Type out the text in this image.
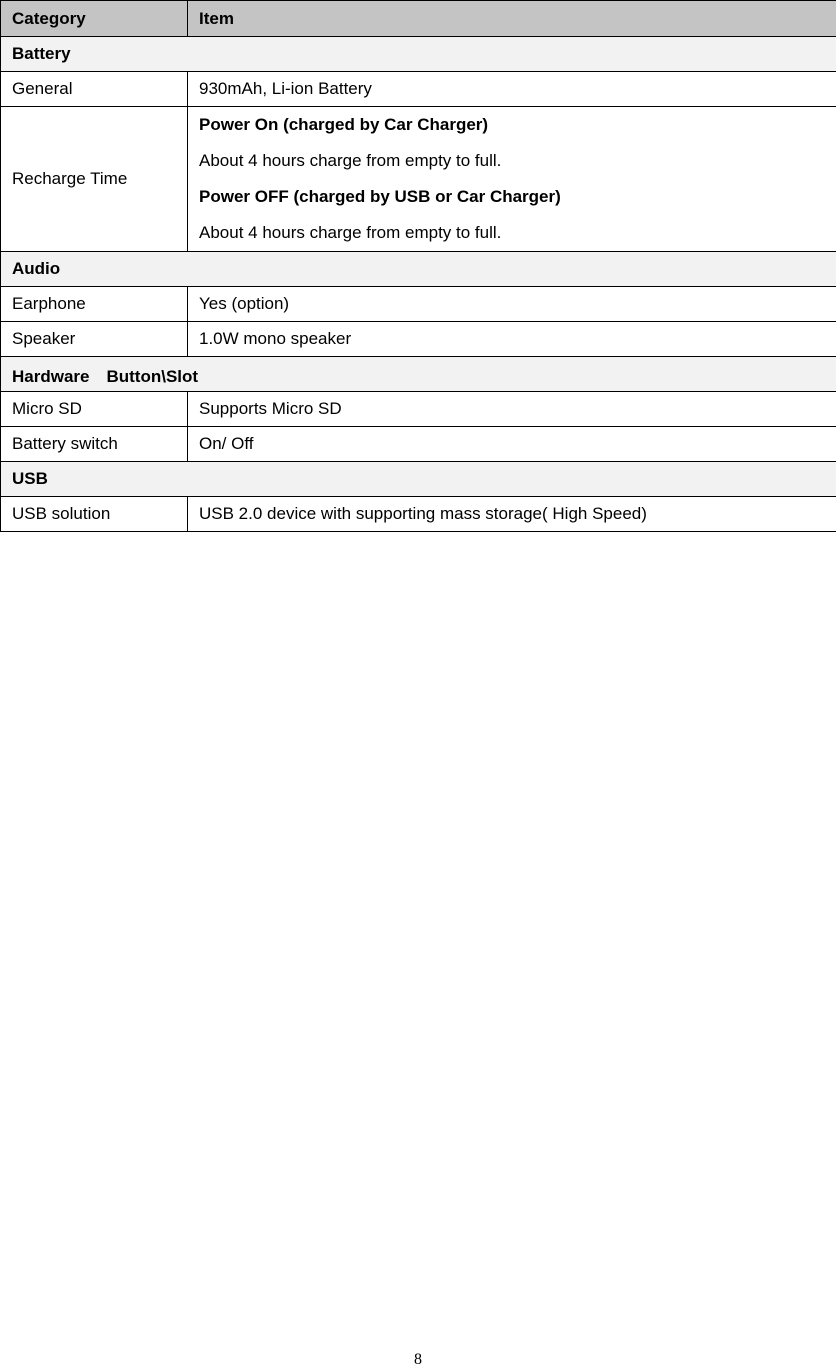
Category	Item
Battery	
General	930mAh, Li-ion Battery
Recharge Time	Power On (charged by Car Charger)
About 4 hours charge from empty to full.
Power OFF (charged by USB or Car Charger)
About 4 hours charge from empty to full.

Audio	
Earphone	Yes (option)
Speaker	1.0W mono speaker
Hardware　Button\Slot	
Micro SD	Supports Micro SD
Battery switch	On/ Off
USB	
USB solution	USB 2.0 device with supporting mass storage( High Speed)
8
